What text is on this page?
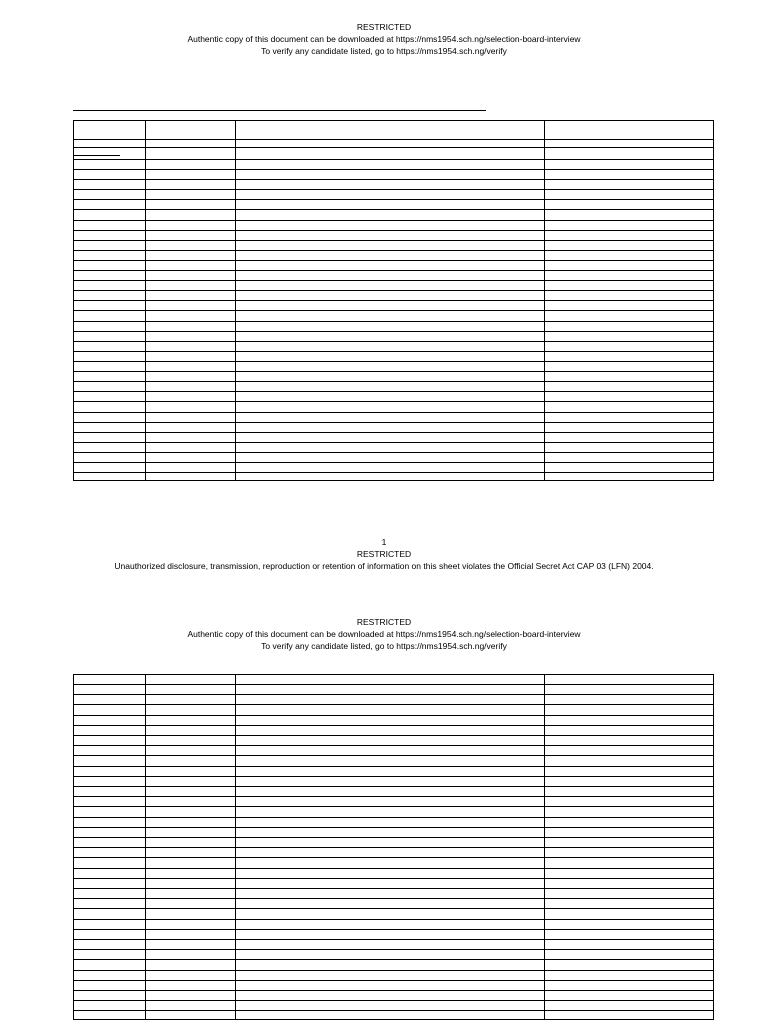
RESTRICTED
Authentic copy of this document can be downloaded at https://nms1954.sch.ng/selection-board-interview
To verify any candidate listed, go to https://nms1954.sch.ng/verify
1
RESTRICTED
Unauthorized disclosure, transmission, reproduction or retention of information on this sheet violates the Official Secret Act CAP 03 (LFN) 2004.
RESTRICTED
Authentic copy of this document can be downloaded at https://nms1954.sch.ng/selection-board-interview
To verify any candidate listed, go to https://nms1954.sch.ng/verify
